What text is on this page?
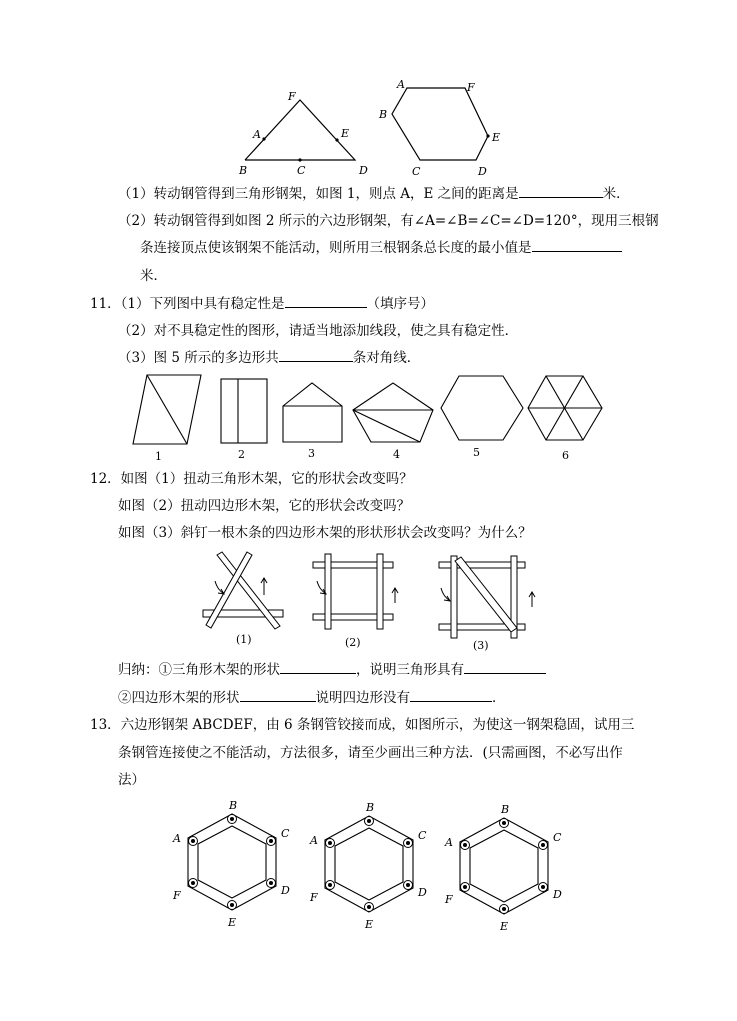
F
A	E
B	C	D
A	F
B
E
C	D
（1）转动钢管得到三角形钢架，如图 1，则点 A，E 之间的距离是	米．
（2）转动钢管得到如图 2 所示的六边形钢架，有∠A=∠B=∠C=∠D=120°，现用三根钢
条连接顶点使该钢架不能活动，则所用三根钢条总长度的最小值是
米．
11．（1）下列图中具有稳定性是	（填序号）
（2）对不具稳定性的图形，请适当地添加线段，使之具有稳定性．
（3）图 5 所示的多边形共	条对角线．
1	2	3	4	5	6
12．如图（1）扭动三角形木架，它的形状会改变吗？
如图（2）扭动四边形木架，它的形状会改变吗？
如图（3）斜钉一根木条的四边形木架的形状形状会改变吗？为什么？
(1)	(2)	(3)
归纳：①三角形木架的形状	，说明三角形具有
②四边形木架的形状	说明四边形没有	．
13．六边形钢架 ABCDEF，由 6 条钢管铰接而成，如图所示，为使这一钢架稳固，试用三
条钢管连接使之不能活动，方法很多，请至少画出三种方法．(只需画图，不必写出作
法）
B
C
D
E
F
A
B
C
D
E
F
A
B
C
D
E
F
A
